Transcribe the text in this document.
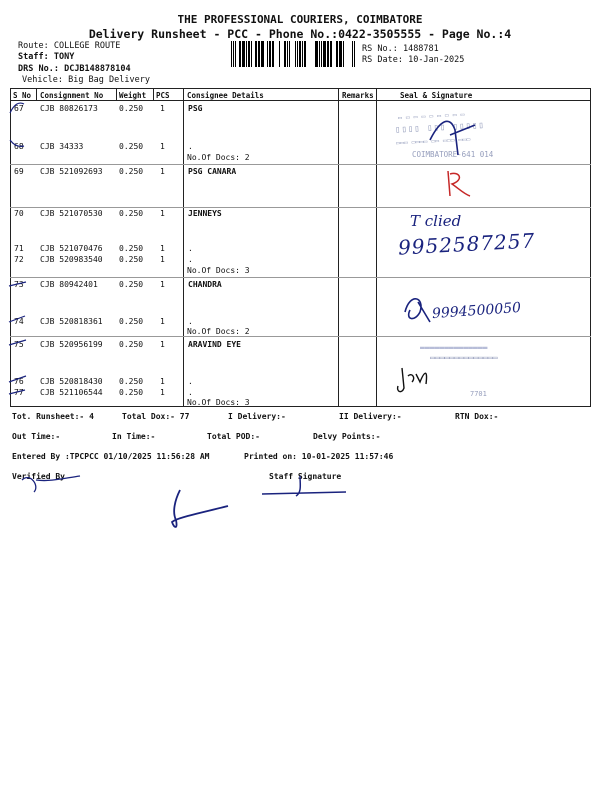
THE PROFESSIONAL COURIERS, COIMBATORE
Delivery Runsheet - PCC - Phone No.:0422-3505555 - Page No.:4
Route: COLLEGE ROUTE
Staff: TONY
DRS No.: DCJB148878104
Vehicle: Big Bag Delivery
RS No.: 1488781
RS Date: 10-Jan-2025
S No Consignment No Weight PCS Consignee Details	Remarks	Seal & Signature
67 CJB 80826173	0.250 1	PSG
68 CJB 34333	0.250 1	.
No.Of Docs: 2
69 CJB 521092693 0.250 1	PSG CANARA
70 CJB 521070530 0.250 1	JENNEYS
71 CJB 521070476 0.250 1	.
72 CJB 520983540 0.250 1	.
No.Of Docs: 3
73 CJB 80942401	0.250 1	CHANDRA
74 CJB 520818361 0.250 1	.
No.Of Docs: 2
75 CJB 520956199 0.250 1	ARAVIND EYE
76 CJB 520818430 0.250 1	.
77 CJB 521106544 0.250 1	.
No.Of Docs: 3
▭ ▭ ▭ ▭ ▭ ▭ ▭ ▭ ▭
▯▯▯▯ ▯▯▯ ▯▯▯▯▯
▭▭▭ ▭▭▭▭ ▭▭ ▭▭▭ ▭▭▭
COIMBATORE-641 014
T clied
9952587257
9994500050
▬▬▬▬▬▬▬▬▬▬▬▬▬▬
▭▭▭▭▭▭▭▭▭▭▭▭▭▭
7701
Tot. Runsheet:- 4	Total Dox:- 77	I Delivery:-	II Delivery:-	RTN Dox:-
Out Time:-	In Time:-	Total POD:-	Delvy Points:-
Entered By :TPCPCC 01/10/2025 11:56:28 AM	Printed on: 10-01-2025 11:57:46
Verified By	Staff Signature
